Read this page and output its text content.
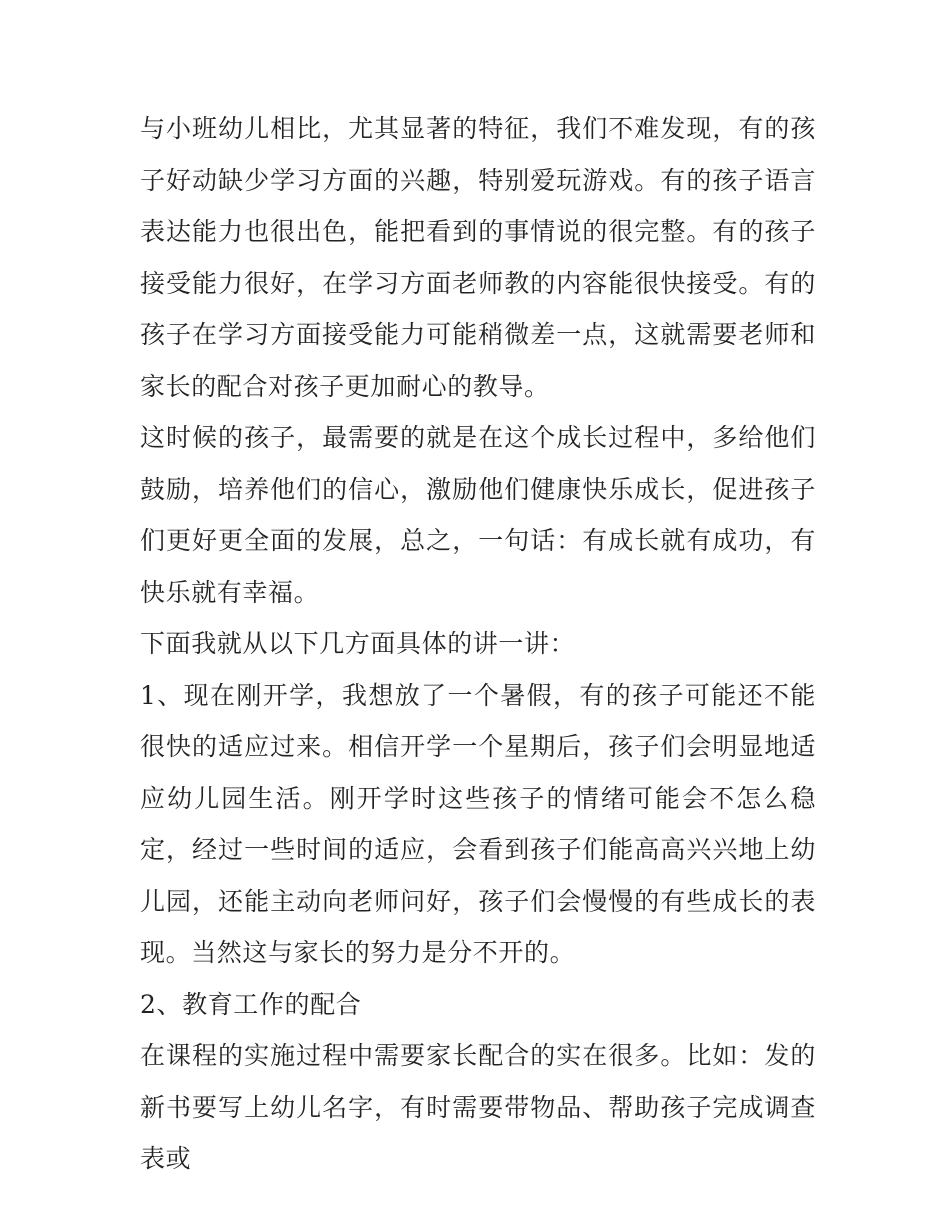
与小班幼儿相比，尤其显著的特征，我们不难发现，有的孩子好动缺少学习方面的兴趣，特别爱玩游戏。有的孩子语言表达能力也很出色，能把看到的事情说的很完整。有的孩子接受能力很好，在学习方面老师教的内容能很快接受。有的孩子在学习方面接受能力可能稍微差一点，这就需要老师和家长的配合对孩子更加耐心的教导。

这时候的孩子，最需要的就是在这个成长过程中，多给他们鼓励，培养他们的信心，激励他们健康快乐成长，促进孩子们更好更全面的发展，总之，一句话：有成长就有成功，有快乐就有幸福。

下面我就从以下几方面具体的讲一讲：

1、现在刚开学，我想放了一个暑假，有的孩子可能还不能很快的适应过来。相信开学一个星期后，孩子们会明显地适应幼儿园生活。刚开学时这些孩子的情绪可能会不怎么稳定，经过一些时间的适应，会看到孩子们能高高兴兴地上幼儿园，还能主动向老师问好，孩子们会慢慢的有些成长的表现。当然这与家长的努力是分不开的。

2、教育工作的配合

在课程的实施过程中需要家长配合的实在很多。比如：发的新书要写上幼儿名字，有时需要带物品、帮助孩子完成调查表或
